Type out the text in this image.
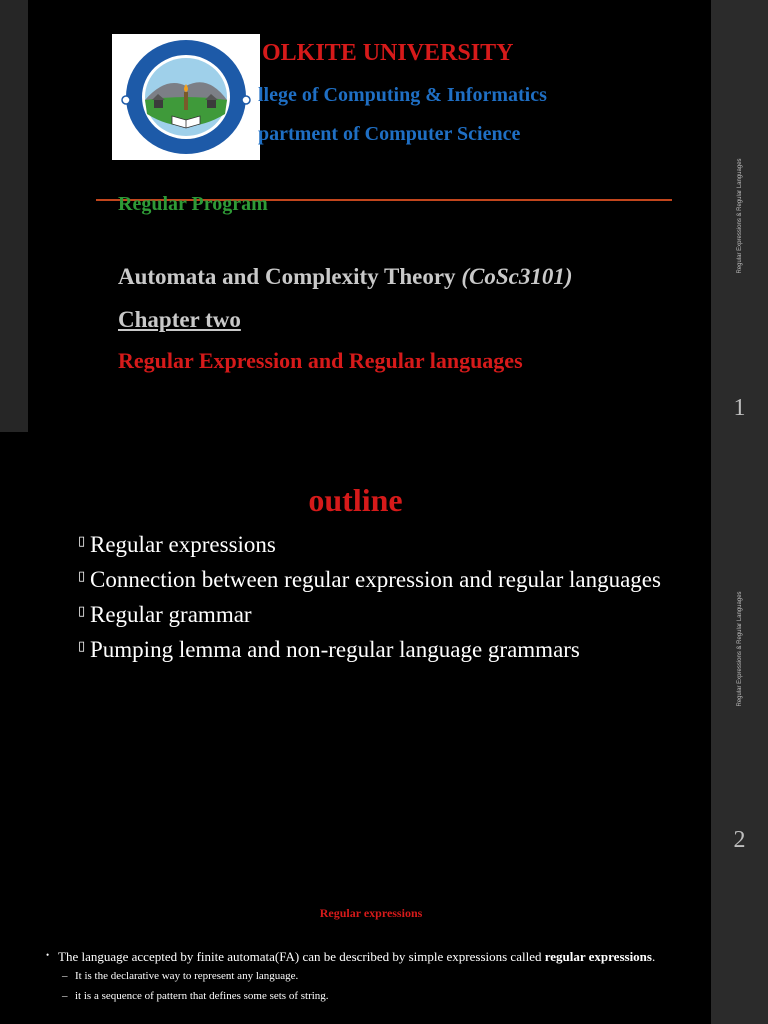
OLKITE UNIVERSITY
llege of Computing & Informatics
partment of Computer Science
Regular Program
Automata and Complexity Theory (CoSc3101)
Chapter two
Regular Expression and Regular languages
Regular Expressions & Regular Languages
1
outline
▯ Regular expressions
▯ Connection between regular expression and regular languages
▯ Regular grammar
▯ Pumping lemma and non-regular language grammars	Regular Expressions & Regular Languages
2
Regular expressions
• The language accepted by finite automata(FA) can be described by simple expressions called regular expressions.
– It is the declarative way to represent any language.
– it is a sequence of pattern that defines some sets of string.
